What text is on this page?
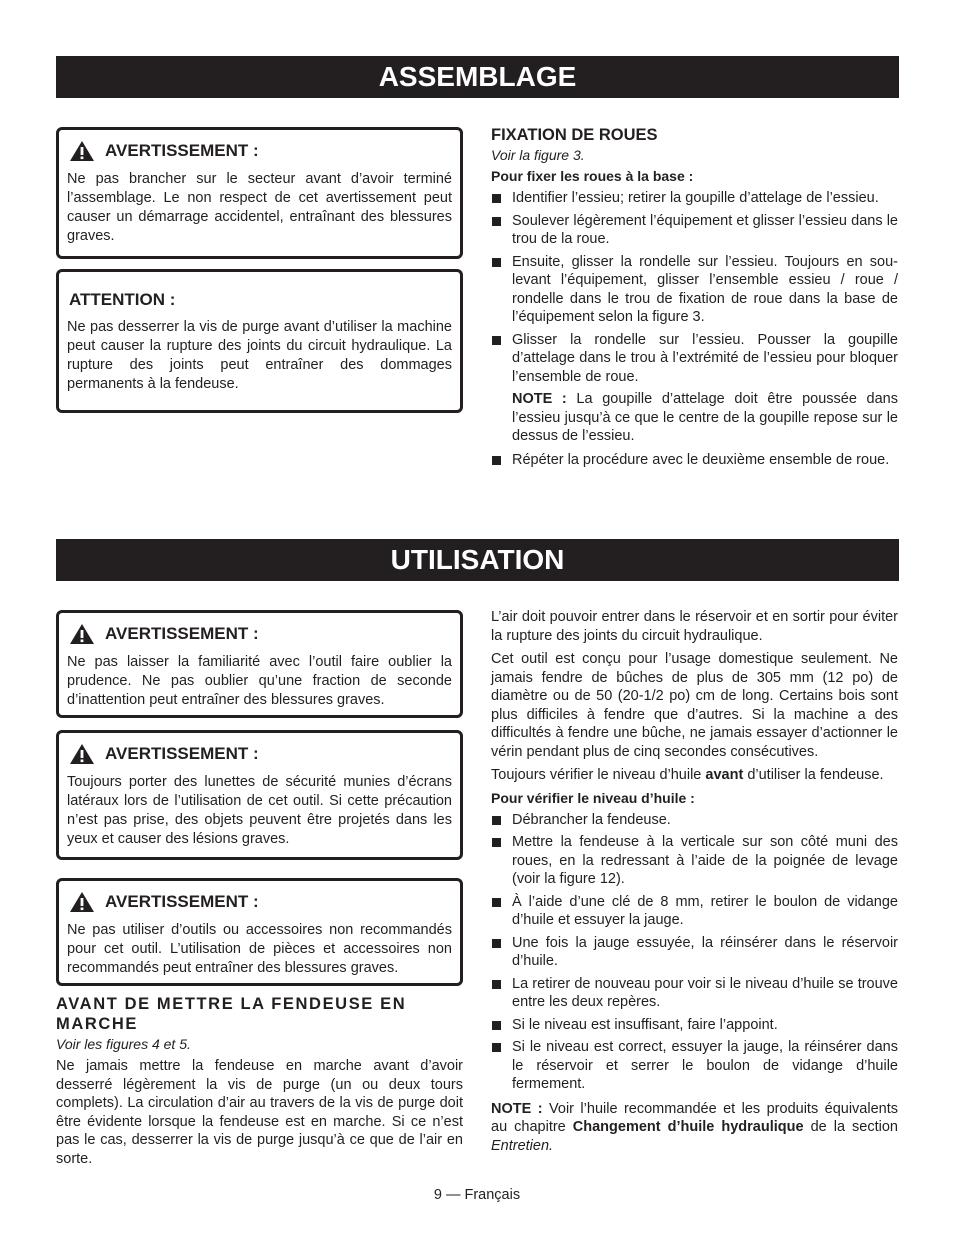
ASSEMBLAGE
AVERTISSEMENT :

Ne pas brancher sur le secteur avant d’avoir terminé l’assemblage. Le non respect de cet avertissement peut causer un démarrage accidentel, entraînant des blessures graves.

ATTENTION :

Ne pas desserrer la vis de purge avant d’utiliser la machine peut causer la rupture des joints du circuit hydraulique. La rupture des joints peut entraîner des dommages permanents à la fendeuse.

FIXATION DE ROUES
Voir la figure 3.
Pour fixer les roues à la base :
Identifier l’essieu; retirer la goupille d’attelage de l’essieu.
Soulever légèrement l’équipement et glisser l’essieu dans le trou de la roue.
Ensuite, glisser la rondelle sur l’essieu. Toujours en soulevant l’équipement, glisser l’ensemble essieu / roue / rondelle dans le trou de fixation de roue dans la base de l’équipement selon la figure 3.
Glisser la rondelle sur l’essieu. Pousser la goupille d’attelage dans le trou à l’extrémité de l’essieu pour bloquer l’ensemble de roue.

NOTE : La goupille d’attelage doit être poussée dans l’essieu jusqu’à ce que le centre de la goupille repose sur le dessus de l’essieu.

Répéter la procédure avec le deuxième ensemble de roue.
UTILISATION
AVERTISSEMENT :

Ne pas laisser la familiarité avec l’outil faire oublier la prudence. Ne pas oublier qu’une fraction de seconde d’inattention peut entraîner des blessures graves.

AVERTISSEMENT :

Toujours porter des lunettes de sécurité munies d’écrans latéraux lors de l’utilisation de cet outil. Si cette précaution n’est pas prise, des objets peuvent être projetés dans les yeux et causer des lésions graves.

AVERTISSEMENT :

Ne pas utiliser d’outils ou accessoires non recommandés pour cet outil. L’utilisation de pièces et accessoires non recommandés peut entraîner des blessures graves.

AVANT DE METTRE LA FENDEUSE EN MARCHE
Voir les figures 4 et 5.

Ne jamais mettre la fendeuse en marche avant d’avoir desserré légèrement la vis de purge (un ou deux tours complets). La circulation d’air au travers de la vis de purge doit être évidente lorsque la fendeuse est en marche. Si ce n’est pas le cas, desserrer la vis de purge jusqu’à ce que de l’air en sorte.

L’air doit pouvoir entrer dans le réservoir et en sortir pour éviter la rupture des joints du circuit hydraulique.

Cet outil est conçu pour l’usage domestique seulement. Ne jamais fendre de bûches de plus de 305 mm (12 po) de diamètre ou de 50 (20-1/2 po) cm de long. Certains bois sont plus difficiles à fendre que d’autres. Si la machine a des difficultés à fendre une bûche, ne jamais essayer d’actionner le vérin pendant plus de cinq secondes consécutives.

Toujours vérifier le niveau d’huile avant d’utiliser la fendeuse.

Pour vérifier le niveau d’huile :
Débrancher la fendeuse.
Mettre la fendeuse à la verticale sur son côté muni des roues, en la redressant à l’aide de la poignée de levage (voir la figure 12).
À l’aide d’une clé de 8 mm, retirer le boulon de vidange d’huile et essuyer la jauge.
Une fois la jauge essuyée, la réinsérer dans le réservoir d’huile.
La retirer de nouveau pour voir si le niveau d’huile se trouve entre les deux repères.
Si le niveau est insuffisant, faire l’appoint.
Si le niveau est correct, essuyer la jauge, la réinsérer dans le réservoir et serrer le boulon de vidange d’huile fermement.

NOTE : Voir l’huile recommandée et les produits équivalents au chapitre Changement d’huile hydraulique de la section Entretien.

9 — Français
